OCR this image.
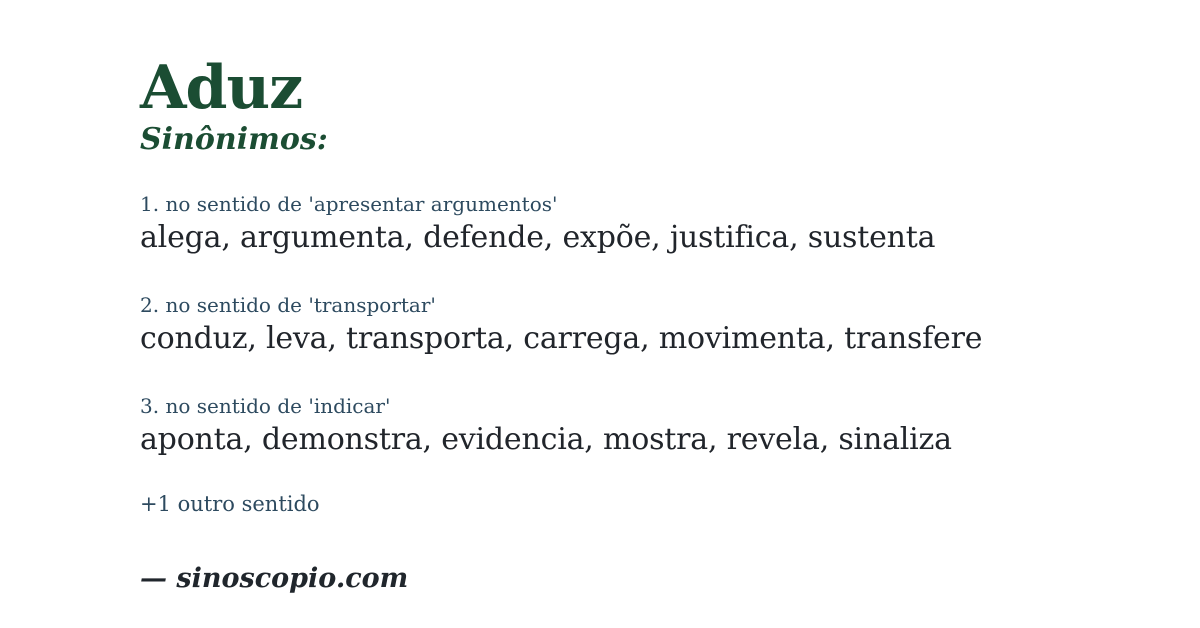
Aduz
Sinônimos:
1. no sentido de 'apresentar argumentos'
alega, argumenta, defende, expõe, justifica, sustenta
2. no sentido de 'transportar'
conduz, leva, transporta, carrega, movimenta, transfere
3. no sentido de 'indicar'
aponta, demonstra, evidencia, mostra, revela, sinaliza
+1 outro sentido
— sinoscopio.com
